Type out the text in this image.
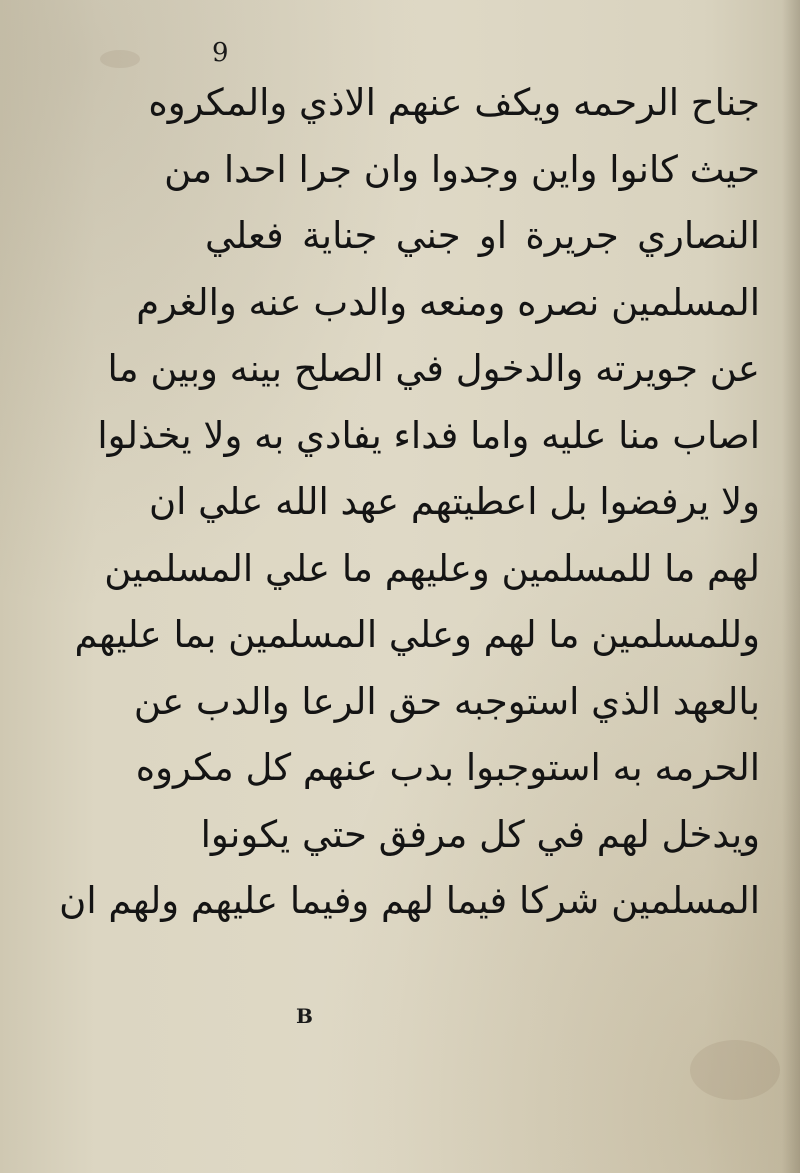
9
جناح الرحمه ويكف عنهم الاذي والمكروه
حيث كانوا واين وجدوا وان جرا احدا من
النصاري جريرة او جني جناية فعلي
المسلمين نصره ومنعه والدب عنه والغرم
عن جويرته والدخول في الصلح بينه وبين ما
اصاب منا عليه واما فداء يفادي به ولا يخذلوا
ولا يرفضوا بل اعطيتهم عهد الله علي ان
لهم ما للمسلمين وعليهم ما علي المسلمين
وللمسلمين ما لهم وعلي المسلمين بما عليهم
بالعهد الذي استوجبه حق الرعا والدب عن
الحرمه به استوجبوا بدب عنهم كل مكروه
ويدخل لهم في كل مرفق حتي يكونوا
المسلمين شركا فيما لهم وفيما عليهم ولهم ان
B
